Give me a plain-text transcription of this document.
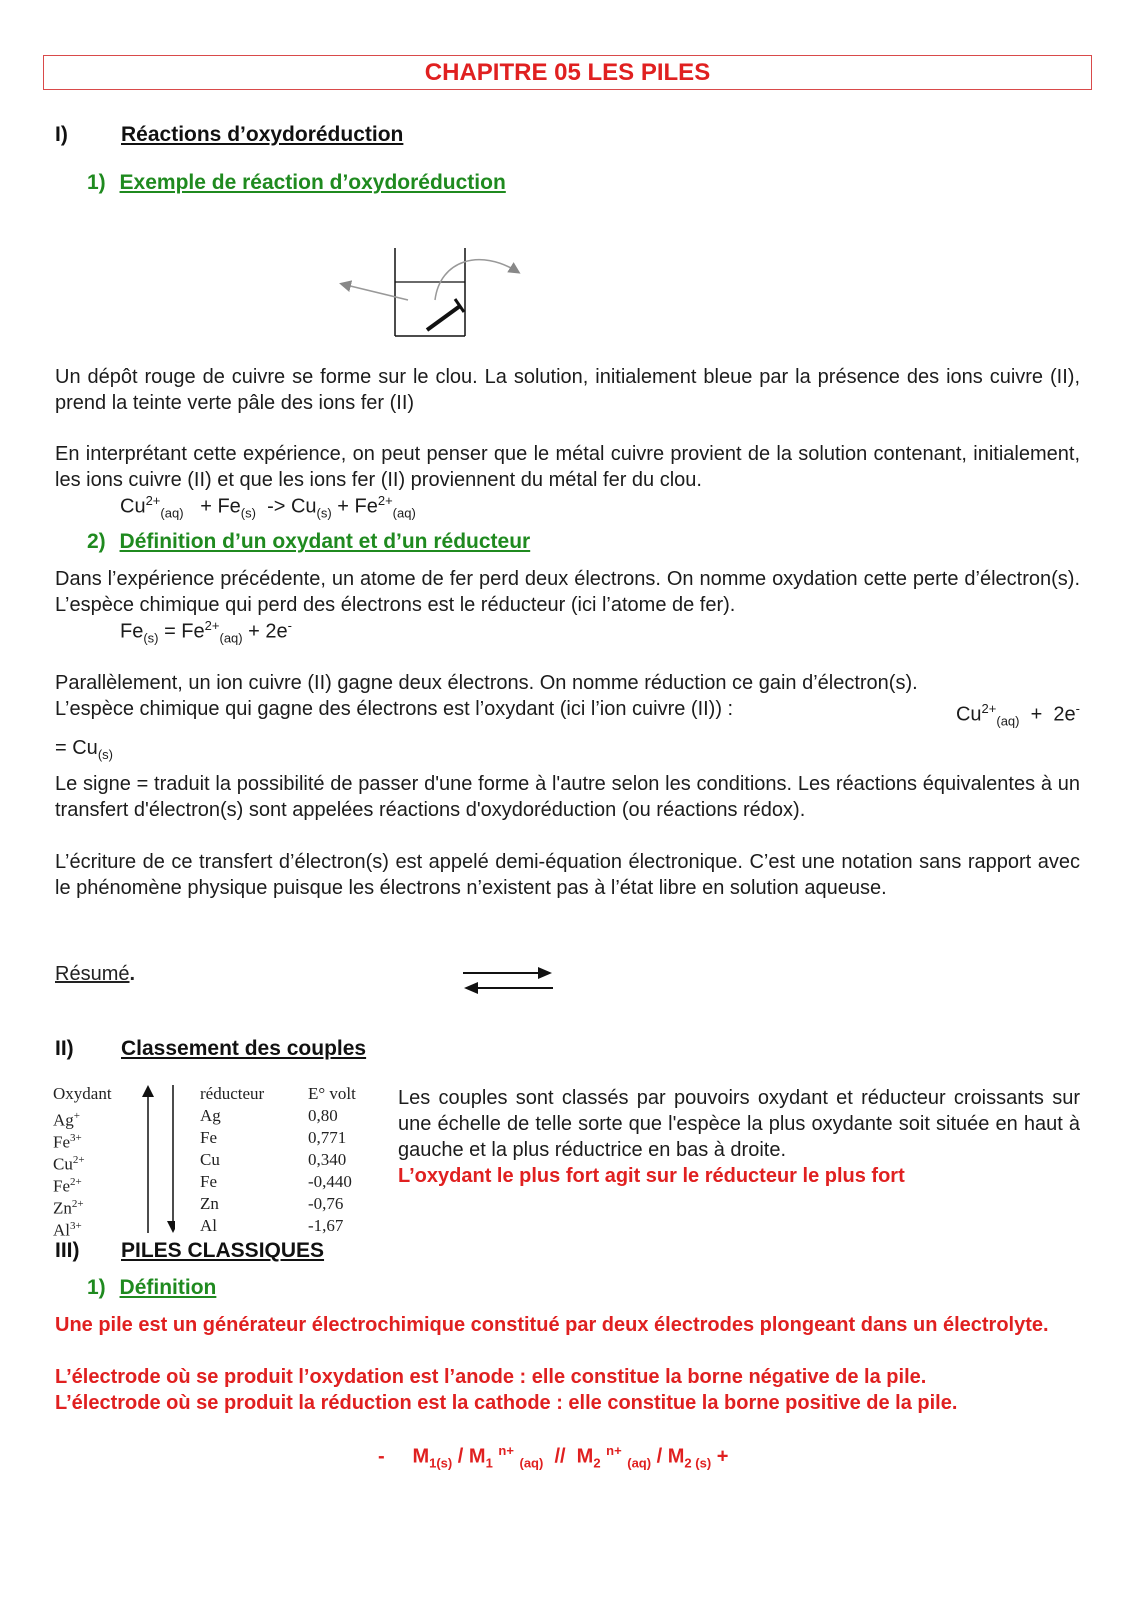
CHAPITRE 05 LES PILES
I)	Réactions d’oxydoréduction
1) Exemple de réaction d’oxydoréduction
Un dépôt rouge de cuivre se forme sur le clou. La solution, initialement bleue par la présence des ions cuivre (II), prend la teinte verte pâle des ions fer (II)
En interprétant cette expérience, on peut penser que le métal cuivre provient de la solution contenant, initialement, les ions cuivre (II) et que les ions fer (II) proviennent du métal fer du clou.
$Cu^{2+}_{(aq)} + Fe_{(s)} -> Cu_{(s)} + Fe^{2+}_{(aq)}$
2) Définition d’un oxydant et d’un réducteur
Dans l’expérience précédente, un atome de fer perd deux électrons. On nomme oxydation cette perte d’électron(s). L’espèce chimique qui perd des électrons est le réducteur (ici l’atome de fer).
$Fe_{(s)} = Fe^{2+}_{(aq)} + 2e^-$
Parallèlement, un ion cuivre (II) gagne deux électrons. On nomme réduction ce gain d’électron(s).
L’espèce chimique qui gagne des électrons est l’oxydant (ici l’ion cuivre (II)) :	$Cu^{2+}_{(aq)} + 2e^-$
= $Cu_{(s)}$
Le signe = traduit la possibilité de passer d'une forme à l'autre selon les conditions. Les réactions équivalentes à un transfert d'électron(s) sont appelées réactions d'oxydoréduction (ou réactions rédox).
L’écriture de ce transfert d’électron(s) est appelé demi-équation électronique. C’est une notation sans rapport avec le phénomène physique puisque les électrons n’existent pas à l’état libre en solution aqueuse.
Résumé.
II) Classement des couples
Oxydant
Ag+
$Fe^{3+}$
$Cu^{2+}$
$Fe^{2+}$
$Zn^{2+}$
$Al^{3+}$
réducteur
Ag
Fe
Cu
Fe
Zn
Al
E° volt
0,80
0,771
0,340
-0,440
-0,76
-1,67
Les couples sont classés par pouvoirs oxydant et réducteur croissants sur une échelle de telle sorte que l'espèce la plus oxydante soit située en haut à gauche et la plus réductrice en bas à droite.
L’oxydant le plus fort agit sur le réducteur le plus fort
III) PILES CLASSIQUES
1) Définition
Une pile est un générateur électrochimique constitué par deux électrodes plongeant dans un électrolyte.
L’électrode où se produit l’oxydation est l’anode : elle constitue la borne négative de la pile.
L’électrode où se produit la réduction est la cathode : elle constitue la borne positive de la pile.
-     $M_{1(s)} / M_1$ $^{n+}$ $_{(aq)} // M_2$ $^{n+}$ $_{(aq)} / M_{2 (s)}$ +
